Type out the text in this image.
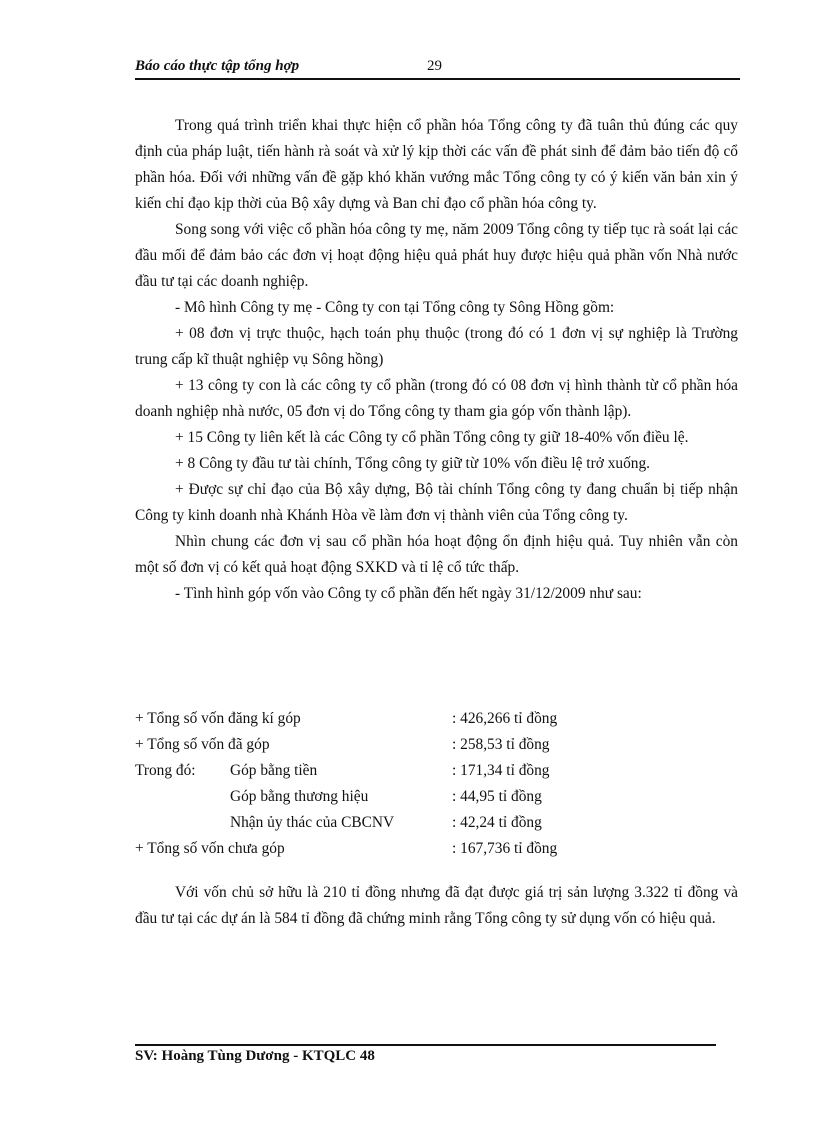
Báo cáo thực tập tổng hợp	29

Trong quá trình triển khai thực hiện cổ phần hóa Tổng công ty đã tuân thủ đúng các quy định của pháp luật, tiến hành rà soát và xử lý kịp thời các vấn đề phát sinh để đảm bảo tiến độ cổ phần hóa. Đối với những vấn đề gặp khó khăn vướng mắc Tổng công ty có ý kiến văn bản xin ý kiến chỉ đạo kịp thời của Bộ xây dựng và Ban chỉ đạo cổ phần hóa công ty.

Song song với việc cổ phần hóa công ty mẹ, năm 2009 Tổng công ty tiếp tục rà soát lại các đầu mối để đảm bảo các đơn vị hoạt động hiệu quả phát huy được hiệu quả phần vốn Nhà nước đầu tư tại các doanh nghiệp.

- Mô hình Công ty mẹ - Công ty con tại Tổng công ty Sông Hồng gồm:

+ 08 đơn vị trực thuộc, hạch toán phụ thuộc (trong đó có 1 đơn vị sự nghiệp là Trường trung cấp kĩ thuật nghiệp vụ Sông hồng)

+ 13 công ty con là các công ty cổ phần (trong đó có 08 đơn vị hình thành từ cổ phần hóa doanh nghiệp nhà nước, 05 đơn vị do Tổng công ty tham gia góp vốn thành lập).

+ 15 Công ty liên kết là các Công ty cổ phần Tổng công ty giữ 18-40% vốn điều lệ.

+ 8 Công ty đầu tư tài chính, Tổng công ty giữ từ 10% vốn điều lệ trở xuống.

+ Được sự chỉ đạo của Bộ xây dựng, Bộ tài chính Tổng công ty đang chuẩn bị tiếp nhận Công ty kinh doanh nhà Khánh Hòa về làm đơn vị thành viên của Tổng công ty.

Nhìn chung các đơn vị sau cổ phần hóa hoạt động ổn định hiệu quả. Tuy nhiên vẫn còn một số đơn vị có kết quả hoạt động SXKD và tỉ lệ cổ tức thấp.

- Tình hình góp vốn vào Công ty cổ phần đến hết ngày 31/12/2009 như sau:

+ Tổng số vốn đăng kí góp	: 426,266 tỉ đồng
+ Tổng số vốn đã góp	: 258,53 tỉ đồng
Trong đó: Góp bằng tiền	: 171,34 tỉ đồng
Góp bằng thương hiệu	: 44,95 tỉ đồng
Nhận ủy thác của CBCNV	: 42,24 tỉ đồng
+ Tổng số vốn chưa góp	: 167,736 tỉ đồng

Với vốn chủ sở hữu là 210 tỉ đồng nhưng đã đạt được giá trị sản lượng 3.322 tỉ đồng và đầu tư tại các dự án là 584 tỉ đồng đã chứng minh rằng Tổng công ty sử dụng vốn có hiệu quả.

SV: Hoàng Tùng Dương - KTQLC 48
